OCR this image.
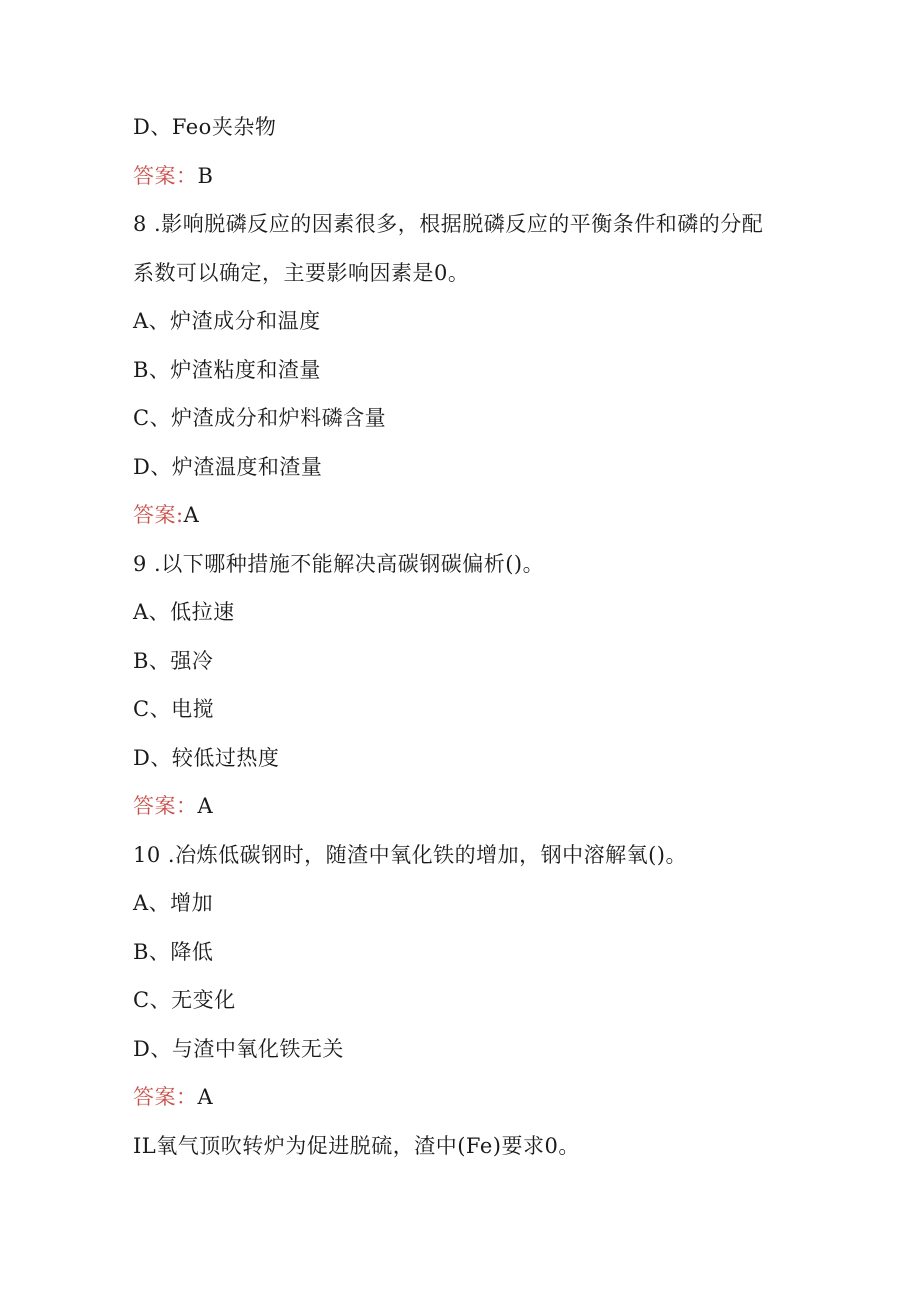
D、Feo夹杂物
答案：B
8 .影响脱磷反应的因素很多，根据脱磷反应的平衡条件和磷的分配
系数可以确定，主要影响因素是0。
A、炉渣成分和温度
B、炉渣粘度和渣量
C、炉渣成分和炉料磷含量
D、炉渣温度和渣量
答案:A
9 .以下哪种措施不能解决高碳钢碳偏析()。
A、低拉速
B、强冷
C、电搅
D、较低过热度
答案：A
10 .冶炼低碳钢时，随渣中氧化铁的增加，钢中溶解氧()。
A、增加
B、降低
C、无变化
D、与渣中氧化铁无关
答案：A
IL氧气顶吹转炉为促进脱硫，渣中(Fe)要求0。
